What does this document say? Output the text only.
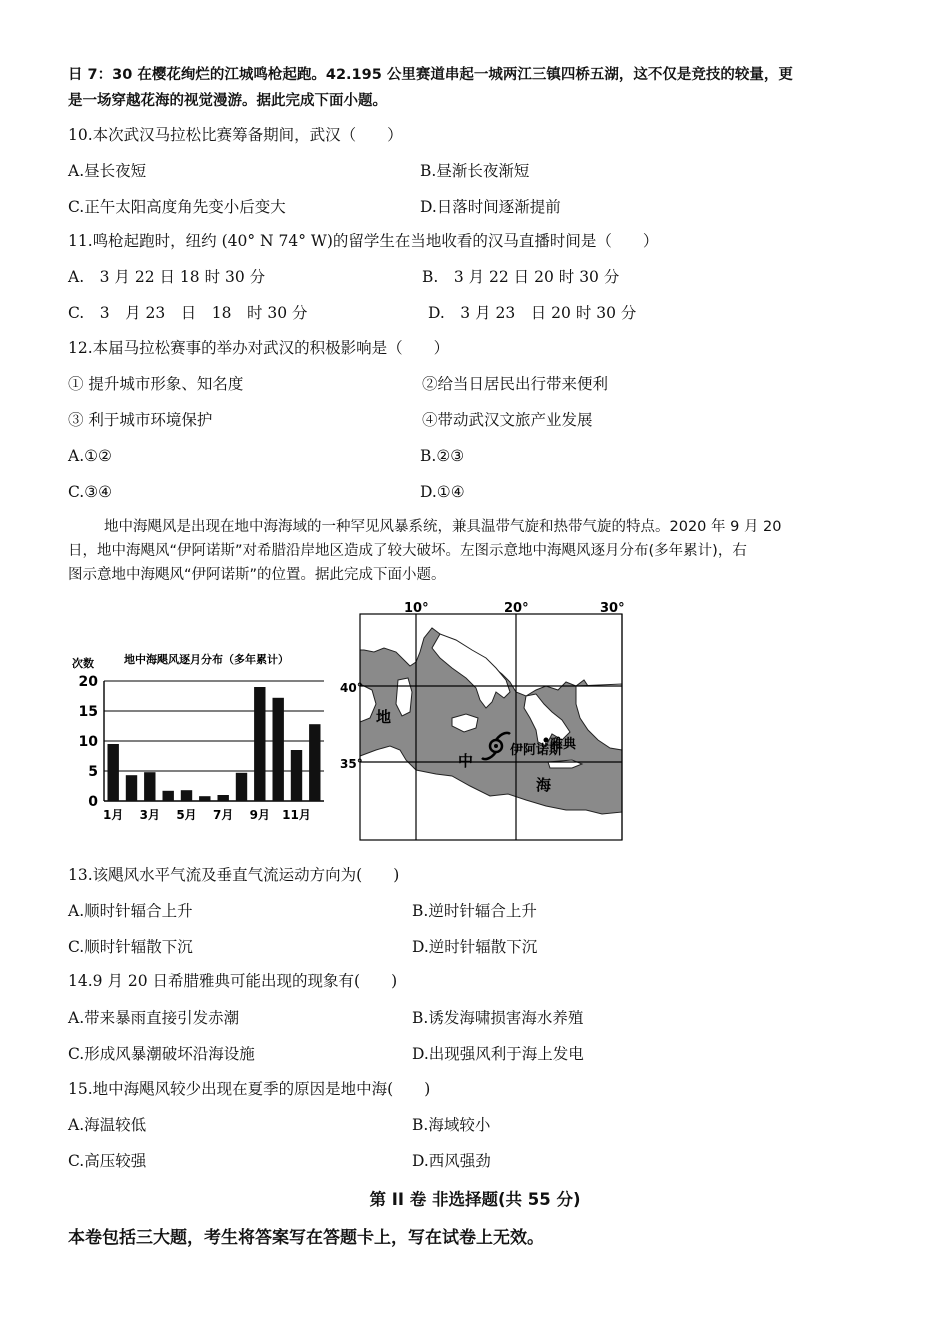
日 7：30 在樱花绚烂的江城鸣枪起跑。42.195 公里赛道串起一城两江三镇四桥五湖，这不仅是竞技的较量，更
是一场穿越花海的视觉漫游。据此完成下面小题。
10.本次武汉马拉松比赛筹备期间，武汉（　　）
A.昼长夜短	B.昼渐长夜渐短
C.正午太阳高度角先变小后变大	D.日落时间逐渐提前
11.鸣枪起跑时，纽约 (40° N 74° W)的留学生在当地收看的汉马直播时间是（　　）
A.　3 月 22 日 18 时 30 分	B.　3 月 22 日 20 时 30 分
C.　3　月 23　日　18　时 30 分	D.　3 月 23　日 20 时 30 分
12.本届马拉松赛事的举办对武汉的积极影响是（　　）
① 提升城市形象、知名度	②给当日居民出行带来便利
③ 利于城市环境保护	④带动武汉文旅产业发展
A.①②	B.②③
C.③④	D.①④
地中海飓风是出现在地中海海域的一种罕见风暴系统，兼具温带气旋和热带气旋的特点。2020 年 9 月 20
日，地中海飓风“伊阿诺斯”对希腊沿岸地区造成了较大破坏。左图示意地中海飓风逐月分布(多年累计)，右
图示意地中海飓风“伊阿诺斯”的位置。据此完成下面小题。
次数	地中海飓风逐月分布（多年累计）
0
5
10
15
20
1月 3月 5月 7月 9月 11月
10°	20°	30°
40°
35°
地
中
海
雅典
伊阿诺斯
13.该飓风水平气流及垂直气流运动方向为(　　)
A.顺时针辐合上升	B.逆时针辐合上升
C.顺时针辐散下沉	D.逆时针辐散下沉
14.9 月 20 日希腊雅典可能出现的现象有(　　)
A.带来暴雨直接引发赤潮	B.诱发海啸损害海水养殖
C.形成风暴潮破坏沿海设施	D.出现强风利于海上发电
15.地中海飓风较少出现在夏季的原因是地中海(　　)
A.海温较低	B.海域较小
C.高压较强	D.西风强劲
第 II 卷 非选择题(共 55 分)
本卷包括三大题，考生将答案写在答题卡上，写在试卷上无效。
